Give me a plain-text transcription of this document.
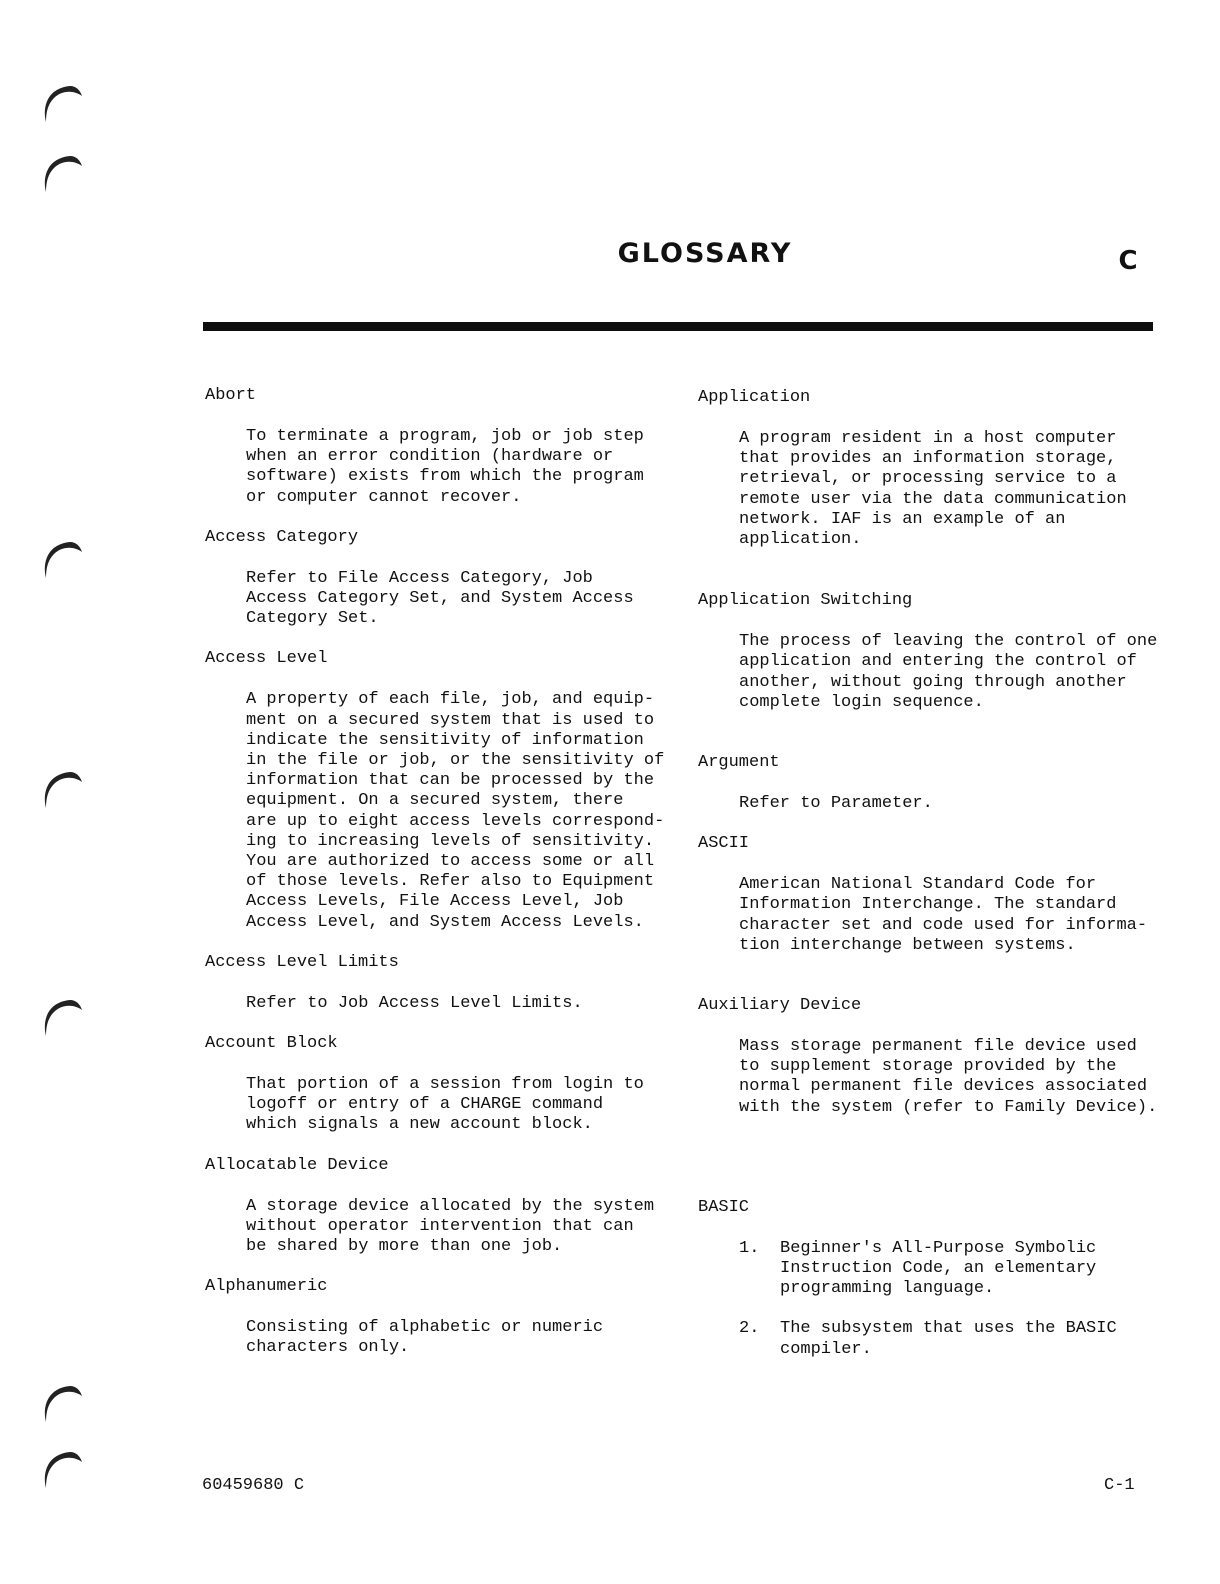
GLOSSARY	C

Abort

To terminate a program, job or job step
when an error condition (hardware or
software) exists from which the program
or computer cannot recover.

Access Category

Refer to File Access Category, Job
Access Category Set, and System Access
Category Set.

Access Level

A property of each file, job, and equip-
ment on a secured system that is used to
indicate the sensitivity of information
in the file or job, or the sensitivity of
information that can be processed by the
equipment. On a secured system, there
are up to eight access levels correspond-
ing to increasing levels of sensitivity.
You are authorized to access some or all
of those levels. Refer also to Equipment
Access Levels, File Access Level, Job
Access Level, and System Access Levels.

Access Level Limits

Refer to Job Access Level Limits.

Account Block

That portion of a session from login to
logoff or entry of a CHARGE command
which signals a new account block.

Allocatable Device

A storage device allocated by the system
without operator intervention that can
be shared by more than one job.

Alphanumeric

Consisting of alphabetic or numeric
characters only.

Application

A program resident in a host computer
that provides an information storage,
retrieval, or processing service to a
remote user via the data communication
network. IAF is an example of an
application.

Application Switching

The process of leaving the control of one
application and entering the control of
another, without going through another
complete login sequence.

Argument

Refer to Parameter.

ASCII

American National Standard Code for
Information Interchange. The standard
character set and code used for informa-
tion interchange between systems.

Auxiliary Device

Mass storage permanent file device used
to supplement storage provided by the
normal permanent file devices associated
with the system (refer to Family Device).

BASIC

1.	Beginner's All-Purpose Symbolic
Instruction Code, an elementary
programming language.
2.	The subsystem that uses the BASIC
compiler.
60459680 C	C-1
